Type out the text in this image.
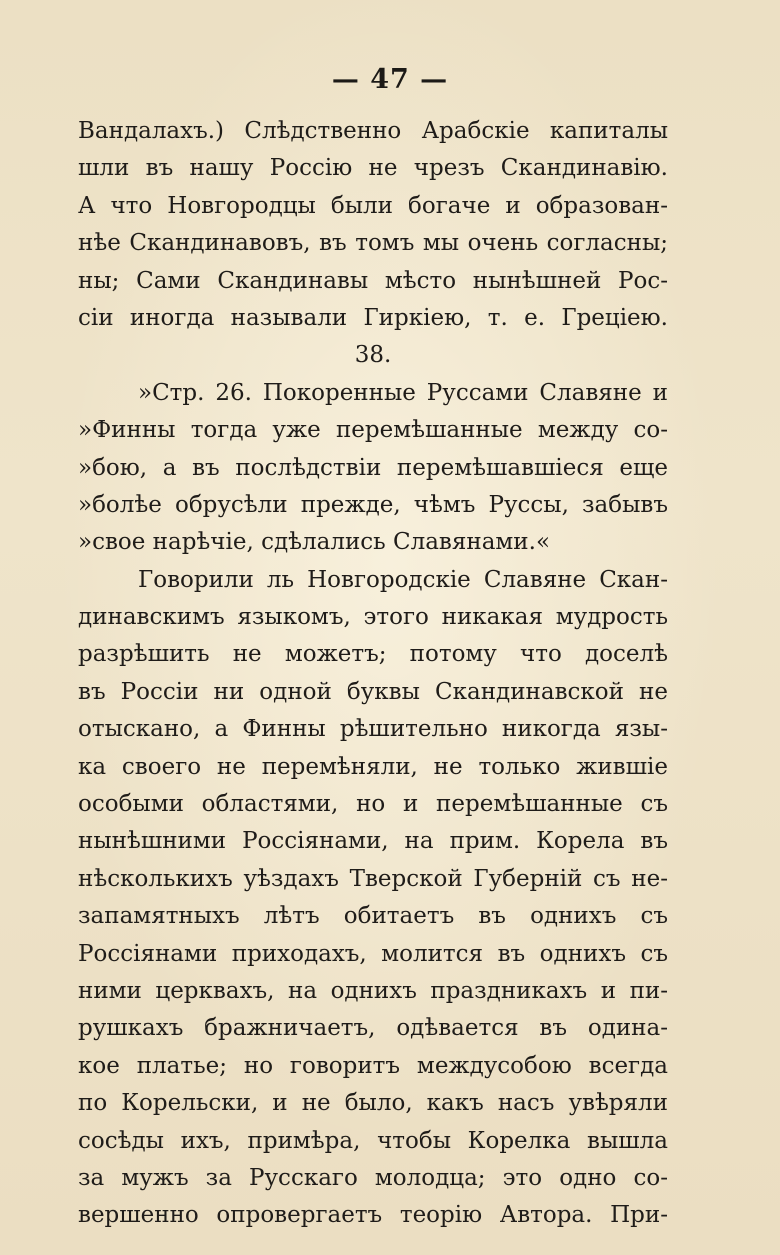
— 47 —
Вандалахъ.) Слѣдственно Арабскіе капиталы
шли въ нашу Россію не чрезъ Скандинавію.
А что Новгородцы были богаче и образован-
нѣе Скандинавовъ, въ томъ мы очень согласны;
ны; Сами Скандинавы мѣсто нынѣшней Рос-
сіи иногда называли Гиркіею, т. е. Греціею.
38.
»Стр. 26. Покоренные Руссами Славяне и
»Финны тогда уже перемѣшанные между со-
»бою, а въ послѣдствіи перемѣшавшіеся еще
»болѣе обрусѣли прежде, чѣмъ Руссы, забывъ
»свое нарѣчіе, сдѣлались Славянами.«
Говорили ль Новгородскіе Славяне Скан-
динавскимъ языкомъ, этого никакая мудрость
разрѣшить не можетъ; потому что доселѣ
въ Россіи ни одной буквы Скандинавской не
отыскано, а Финны рѣшительно никогда язы-
ка своего не перемѣняли, не только жившіе
особыми областями, но и перемѣшанные съ
нынѣшними Россіянами, на прим. Корела въ
нѣсколькихъ уѣздахъ Тверской Губерній съ не-
запамятныхъ лѣтъ обитаетъ въ однихъ съ
Россіянами приходахъ, молится въ однихъ съ
ними церквахъ, на однихъ праздникахъ и пи-
рушкахъ бражничаетъ, одѣвается въ одина-
кое платье; но говоритъ междусобою всегда
по Корельски, и не было, какъ насъ увѣряли
сосѣды ихъ, примѣра, чтобы Корелка вышла
за мужъ за Русскаго молодца; это одно со-
вершенно опровергаетъ теорію Автора. При-
